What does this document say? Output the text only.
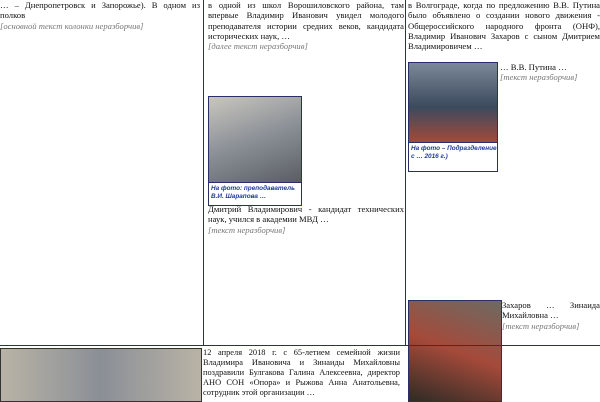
… – Днепропетровск и Запорожье). В одном из полков
[основной текст колонки неразборчив]

в одной из школ Ворошиловского района, там впервые Владимир Иванович увидел молодого преподавателя истории средних веков, кандидата исторических наук, …
[далее текст неразборчив]

На фото: преподаватель В.И. Шарапова …

Дмитрий Владимирович - кандидат технических наук, учился в академии МВД …
[текст неразборчив]

в Волгограде, когда по предложению В.В. Путина было объявлено о создании нового движения - Общероссийского народного фронта (ОНФ), Владимир Иванович Захаров с сыном Дмитрием Владимировичем …

На фото – Подразделение с … 2016 г.)

… В.В. Путина …
[текст неразборчив]

12 апреля 2018 г. с 65-летием семейной жизни Владимира Ивановича и Зинаиды Михайловны поздравили Булгакова Галина Алексеевна, директор АНО СОН «Опора» и Рыжова Анна Анатольевна, сотрудник этой организации …

Захаров … Зинаида Михайловна …
[текст неразборчив]
